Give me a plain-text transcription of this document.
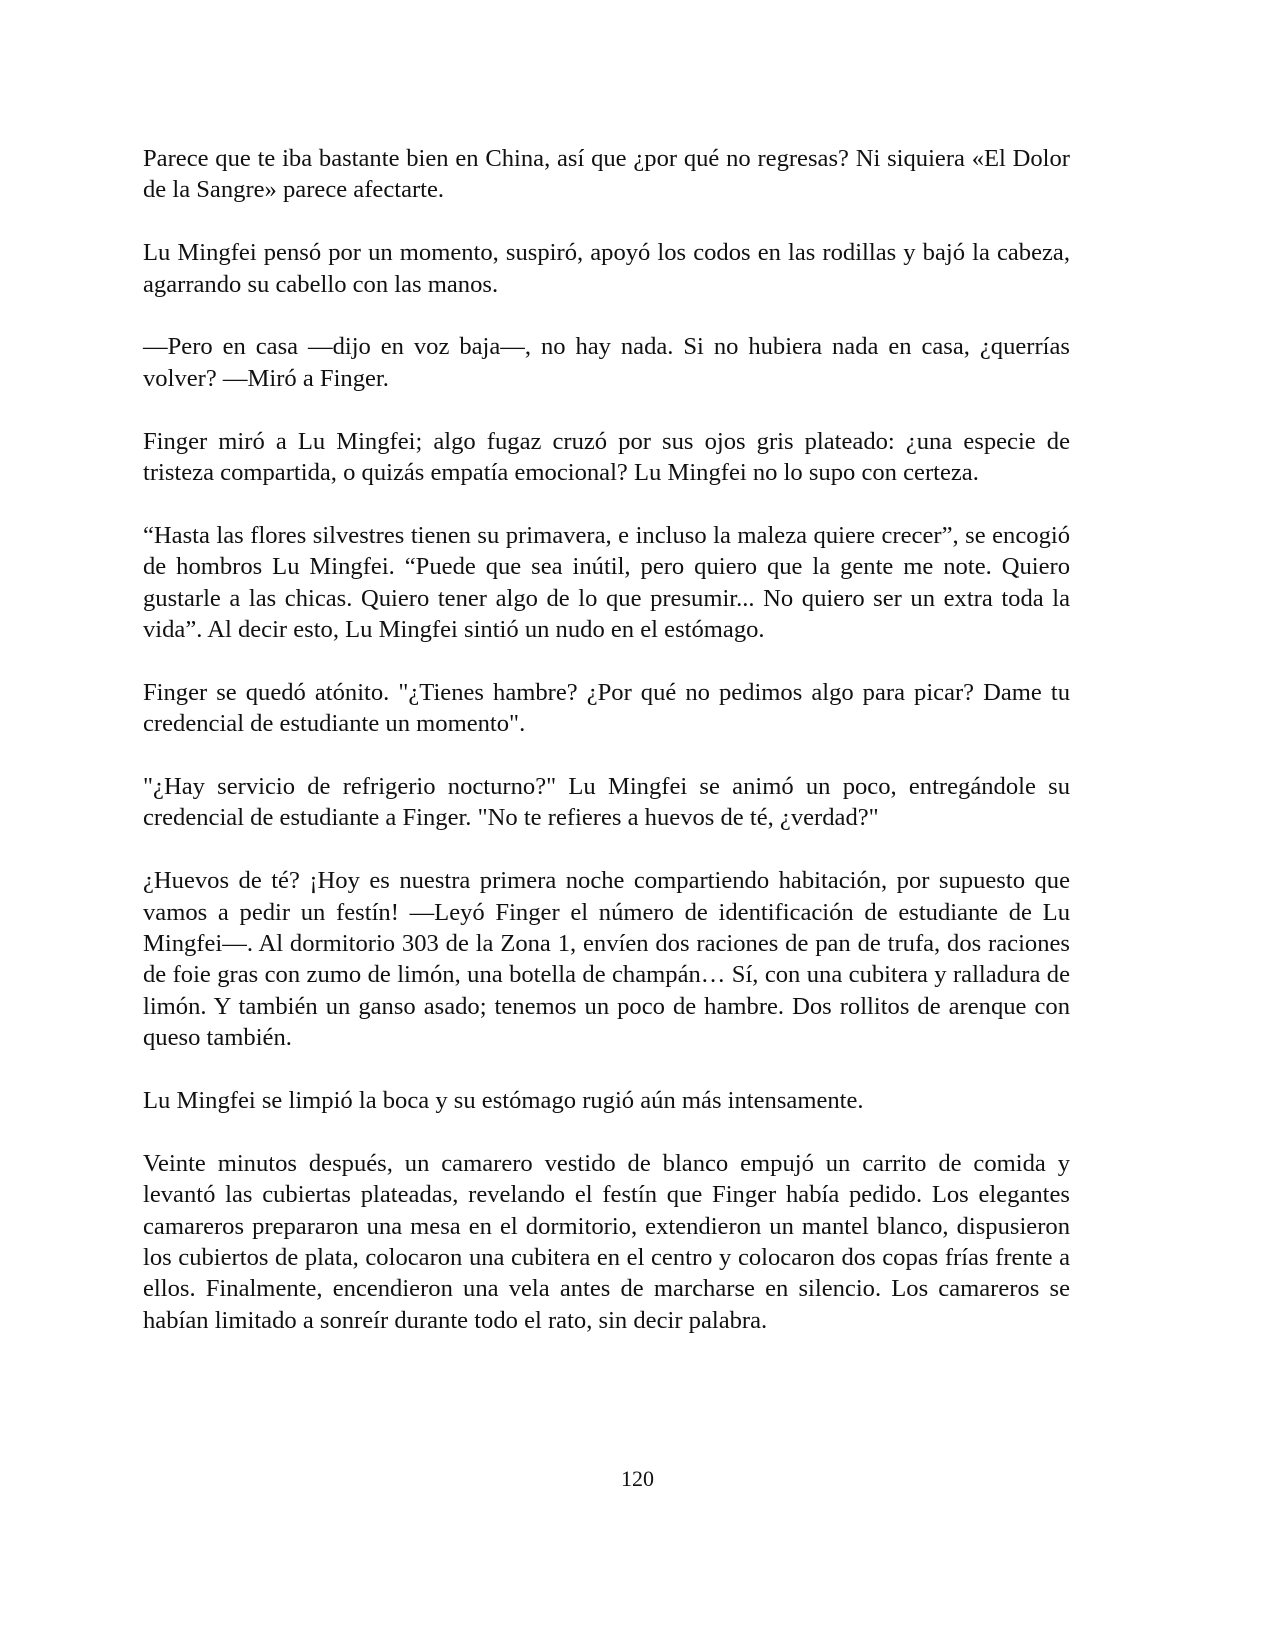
Parece que te iba bastante bien en China, así que ¿por qué no regresas? Ni siquiera «El Dolor de la Sangre» parece afectarte.

Lu Mingfei pensó por un momento, suspiró, apoyó los codos en las rodillas y bajó la cabeza, agarrando su cabello con las manos.

—Pero en casa —dijo en voz baja—, no hay nada. Si no hubiera nada en casa, ¿querrías volver? —Miró a Finger.

Finger miró a Lu Mingfei; algo fugaz cruzó por sus ojos gris plateado: ¿una especie de tristeza compartida, o quizás empatía emocional? Lu Mingfei no lo supo con certeza.

“Hasta las flores silvestres tienen su primavera, e incluso la maleza quiere crecer”, se encogió de hombros Lu Mingfei. “Puede que sea inútil, pero quiero que la gente me note. Quiero gustarle a las chicas. Quiero tener algo de lo que presumir... No quiero ser un extra toda la vida”. Al decir esto, Lu Mingfei sintió un nudo en el estómago.

Finger se quedó atónito. "¿Tienes hambre? ¿Por qué no pedimos algo para picar? Dame tu credencial de estudiante un momento".

"¿Hay servicio de refrigerio nocturno?" Lu Mingfei se animó un poco, entregándole su credencial de estudiante a Finger. "No te refieres a huevos de té, ¿verdad?"

¿Huevos de té? ¡Hoy es nuestra primera noche compartiendo habitación, por supuesto que vamos a pedir un festín! —Leyó Finger el número de identificación de estudiante de Lu Mingfei—. Al dormitorio 303 de la Zona 1, envíen dos raciones de pan de trufa, dos raciones de foie gras con zumo de limón, una botella de champán… Sí, con una cubitera y ralladura de limón. Y también un ganso asado; tenemos un poco de hambre. Dos rollitos de arenque con queso también.

Lu Mingfei se limpió la boca y su estómago rugió aún más intensamente.

Veinte minutos después, un camarero vestido de blanco empujó un carrito de comida y levantó las cubiertas plateadas, revelando el festín que Finger había pedido. Los elegantes camareros prepararon una mesa en el dormitorio, extendieron un mantel blanco, dispusieron los cubiertos de plata, colocaron una cubitera en el centro y colocaron dos copas frías frente a ellos. Finalmente, encendieron una vela antes de marcharse en silencio. Los camareros se habían limitado a sonreír durante todo el rato, sin decir palabra.

120
